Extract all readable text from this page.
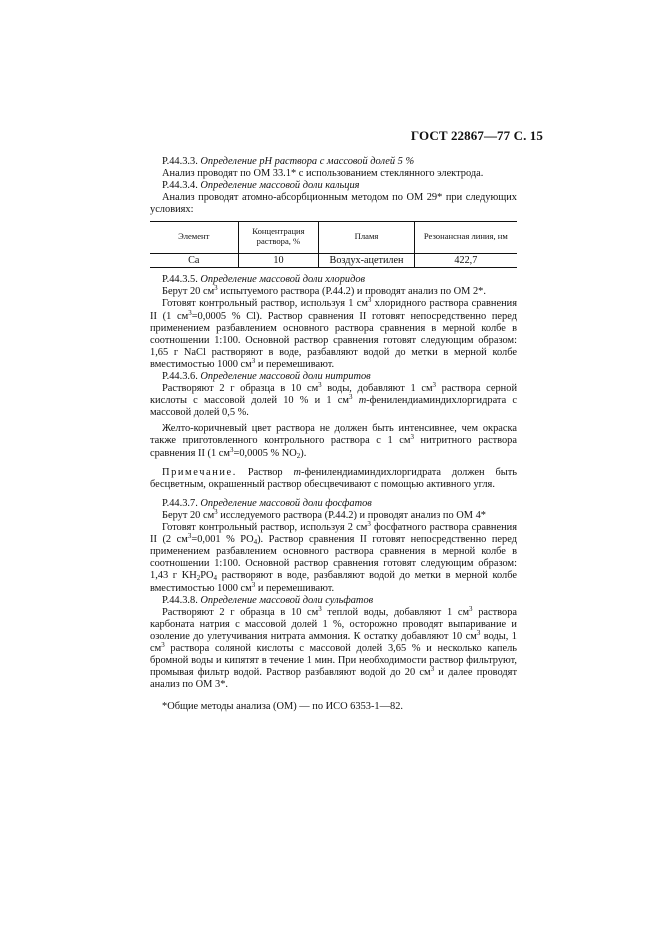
ГОСТ 22867—77 С. 15

P.44.3.3. Определение pH раствора с массовой долей 5 %

Анализ проводят по ОМ 33.1* с использованием стеклянного электрода.

P.44.3.4. Определение массовой доли кальция

Анализ проводят атомно-абсорбционным методом по ОМ 29* при следующих условиях:

Элемент	Концентрация раствора, %	Пламя	Резонансная линия, нм
Ca	10	Воздух-ацетилен	422,7

P.44.3.5. Определение массовой доли хлоридов

Берут 20 $см^3$ испытуемого раствора (P.44.2) и проводят анализ по ОМ 2*.

Готовят контрольный раствор, используя 1 $см^3$ хлоридного раствора сравнения II (1 $см^3=0,0005$ % Cl). Раствор сравнения II готовят непосредственно перед применением разбавлением основного раствора сравнения в мерной колбе в соотношении 1:100. Основной раствор сравнения готовят следующим образом: 1,65 г NaCl растворяют в воде, разбавляют водой до метки в мерной колбе вместимостью 1000 $см^3$ и перемешивают.

P.44.3.6. Определение массовой доли нитритов

Растворяют 2 г образца в 10 $см^3$ воды, добавляют 1 $см^3$ раствора серной кислоты с массовой долей 10 % и 1 $см^3$ m-фенилендиаминдихлоргидрата с массовой долей 0,5 %.

Желто-коричневый цвет раствора не должен быть интенсивнее, чем окраска также приготовленного контрольного раствора с 1 $см^3$ нитритного раствора сравнения II (1 $см^3=0,0005$ % $NO_2$).

Примечание. Раствор m-фенилендиаминдихлоргидрата должен быть бесцветным, окрашенный раствор обесцвечивают с помощью активного угля.

P.44.3.7. Определение массовой доли фосфатов

Берут 20 $см^3$ исследуемого раствора (P.44.2) и проводят анализ по ОМ 4*

Готовят контрольный раствор, используя 2 $см^3$ фосфатного раствора сравнения II (2 $см^3=0,001$ % $PO_4$). Раствор сравнения II готовят непосредственно перед применением разбавлением основного раствора сравнения в мерной колбе в соотношении 1:100. Основной раствор сравнения готовят следующим образом: 1,43 г $KH_2PO_4$ растворяют в воде, разбавляют водой до метки в мерной колбе вместимостью 1000 $см^3$ и перемешивают.

P.44.3.8. Определение массовой доли сульфатов

Растворяют 2 г образца в 10 $см^3$ теплой воды, добавляют 1 $см^3$ раствора карбоната натрия с массовой долей 1 %, осторожно проводят выпаривание и озоление до улетучивания нитрата аммония. К остатку добавляют 10 $см^3$ воды, 1 $см^3$ раствора соляной кислоты с массовой долей 3,65 % и несколько капель бромной воды и кипятят в течение 1 мин. При необходимости раствор фильтруют, промывая фильтр водой. Раствор разбавляют водой до 20 $см^3$ и далее проводят анализ по ОМ 3*.

*Общие методы анализа (ОМ) — по ИСО 6353-1—82.
